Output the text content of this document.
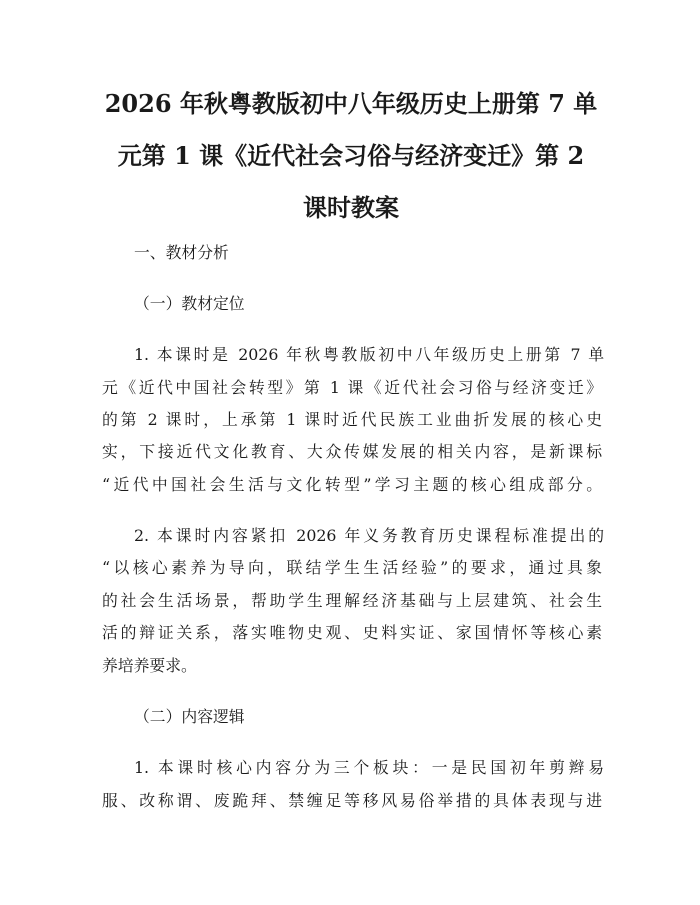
2026 年秋粤教版初中八年级历史上册第 7 单
元第 1 课《近代社会习俗与经济变迁》第 2
课时教案
一、教材分析
（一）教材定位
1. 本课时是 2026 年秋粤教版初中八年级历史上册第 7 单
元《近代中国社会转型》第 1 课《近代社会习俗与经济变迁》
的第 2 课时，上承第 1 课时近代民族工业曲折发展的核心史
实，下接近代文化教育、大众传媒发展的相关内容，是新课标
“近代中国社会生活与文化转型”学习主题的核心组成部分。
2. 本课时内容紧扣 2026 年义务教育历史课程标准提出的
“以核心素养为导向，联结学生生活经验”的要求，通过具象
的社会生活场景，帮助学生理解经济基础与上层建筑、社会生
活的辩证关系，落实唯物史观、史料实证、家国情怀等核心素
养培养要求。
（二）内容逻辑
1. 本课时核心内容分为三个板块：一是民国初年剪辫易
服、改称谓、废跪拜、禁缠足等移风易俗举措的具体表现与进
